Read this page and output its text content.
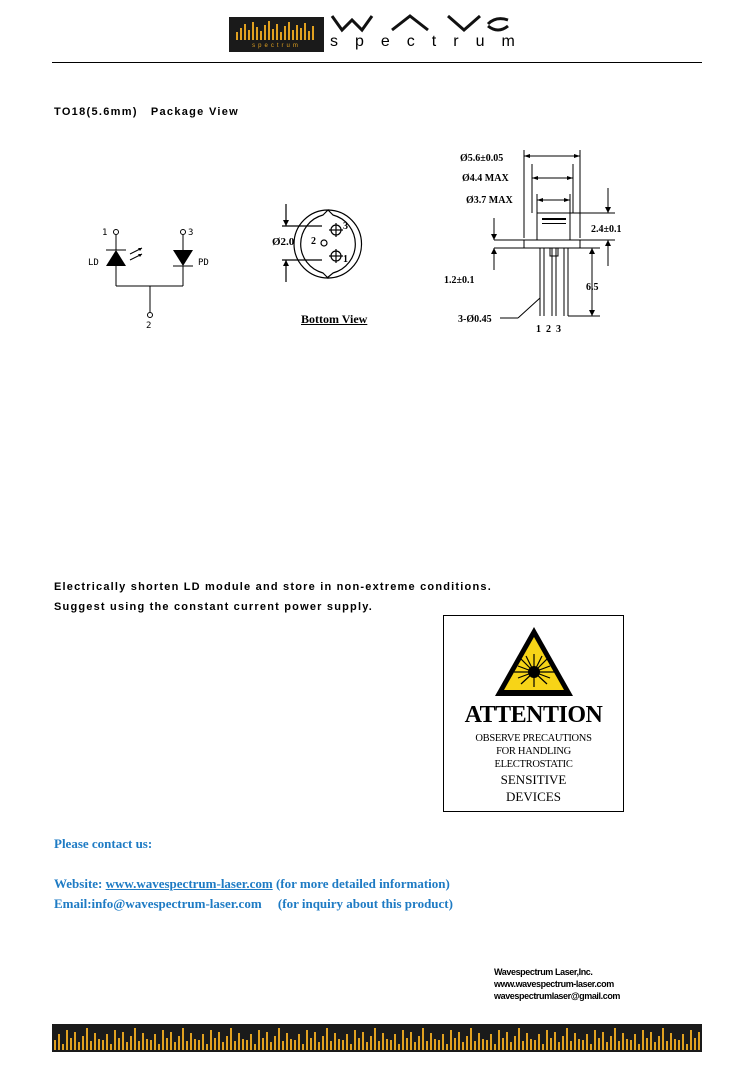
spectrum	spectrum
TO18(5.6mm)   Package View
1	3
LD	PD
2
Ø2.0 2
3
1
Bottom View
Ø5.6±0.05
Ø4.4 MAX
Ø3.7 MAX
2.4±0.1
1.2±0.1
6.5
3-Ø0.45
1  2  3
Electrically shorten LD module and store in non-extreme conditions.
Suggest using the constant current power supply.
ATTENTION
OBSERVE PRECAUTIONS
FOR HANDLING
ELECTROSTATIC
SENSITIVE
DEVICES
Please contact us:
Website: www.wavespectrum-laser.com (for more detailed information)
Email:info@wavespectrum-laser.com     (for inquiry about this product)
Wavespectrum Laser,Inc.
www.wavespectrum-laser.com
wavespectrumlaser@gmail.com
